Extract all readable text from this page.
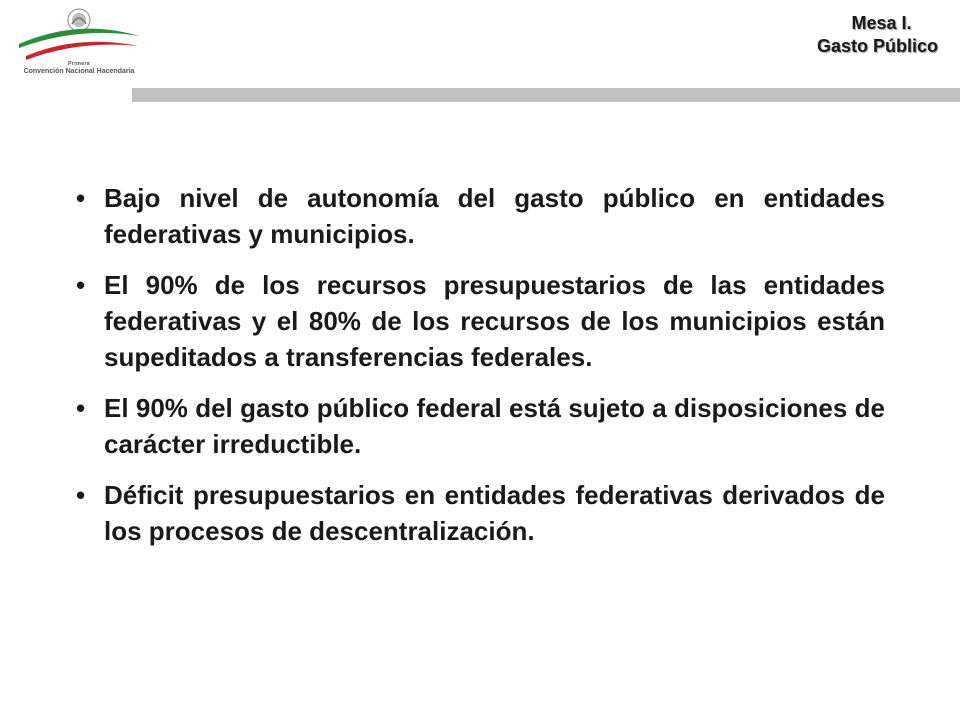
Primera
Convención Nacional Hacendaria
Mesa I.
Gasto Público
• Bajo nivel de autonomía del gasto público en entidades federativas y municipios.
• El 90% de los recursos presupuestarios de las entidades federativas y el 80% de los recursos de los municipios están supeditados a transferencias federales.
• El 90% del gasto público federal está sujeto a disposiciones de carácter irreductible.
• Déficit presupuestarios en entidades federativas derivados de los procesos de descentralización.
